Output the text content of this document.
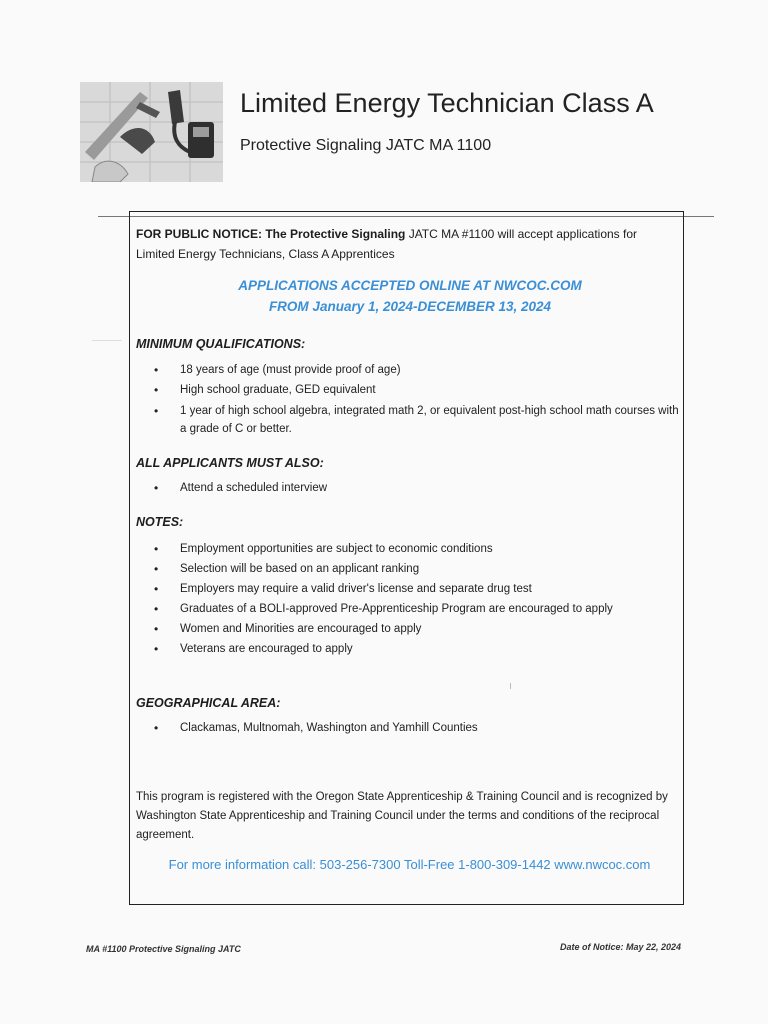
Limited Energy Technician Class A
Protective Signaling JATC MA 1100
FOR PUBLIC NOTICE: The Protective Signaling JATC MA #1100 will accept applications for Limited Energy Technicians, Class A Apprentices
APPLICATIONS ACCEPTED ONLINE AT NWCOC.COM
FROM January 1, 2024-DECEMBER 13, 2024
MINIMUM QUALIFICATIONS:
• 18 years of age (must provide proof of age)
• High school graduate, GED equivalent
• 1 year of high school algebra, integrated math 2, or equivalent post-high school math courses with a grade of C or better.
ALL APPLICANTS MUST ALSO:
• Attend a scheduled interview
NOTES:
• Employment opportunities are subject to economic conditions
• Selection will be based on an applicant ranking
• Employers may require a valid driver's license and separate drug test
• Graduates of a BOLI-approved Pre-Apprenticeship Program are encouraged to apply
• Women and Minorities are encouraged to apply
• Veterans are encouraged to apply
GEOGRAPHICAL AREA:
• Clackamas, Multnomah, Washington and Yamhill Counties
This program is registered with the Oregon State Apprenticeship & Training Council and is recognized by Washington State Apprenticeship and Training Council under the terms and conditions of the reciprocal agreement.
For more information call: 503-256-7300 Toll-Free 1-800-309-1442 www.nwcoc.com
MA #1100 Protective Signaling JATC	Date of Notice: May 22, 2024
